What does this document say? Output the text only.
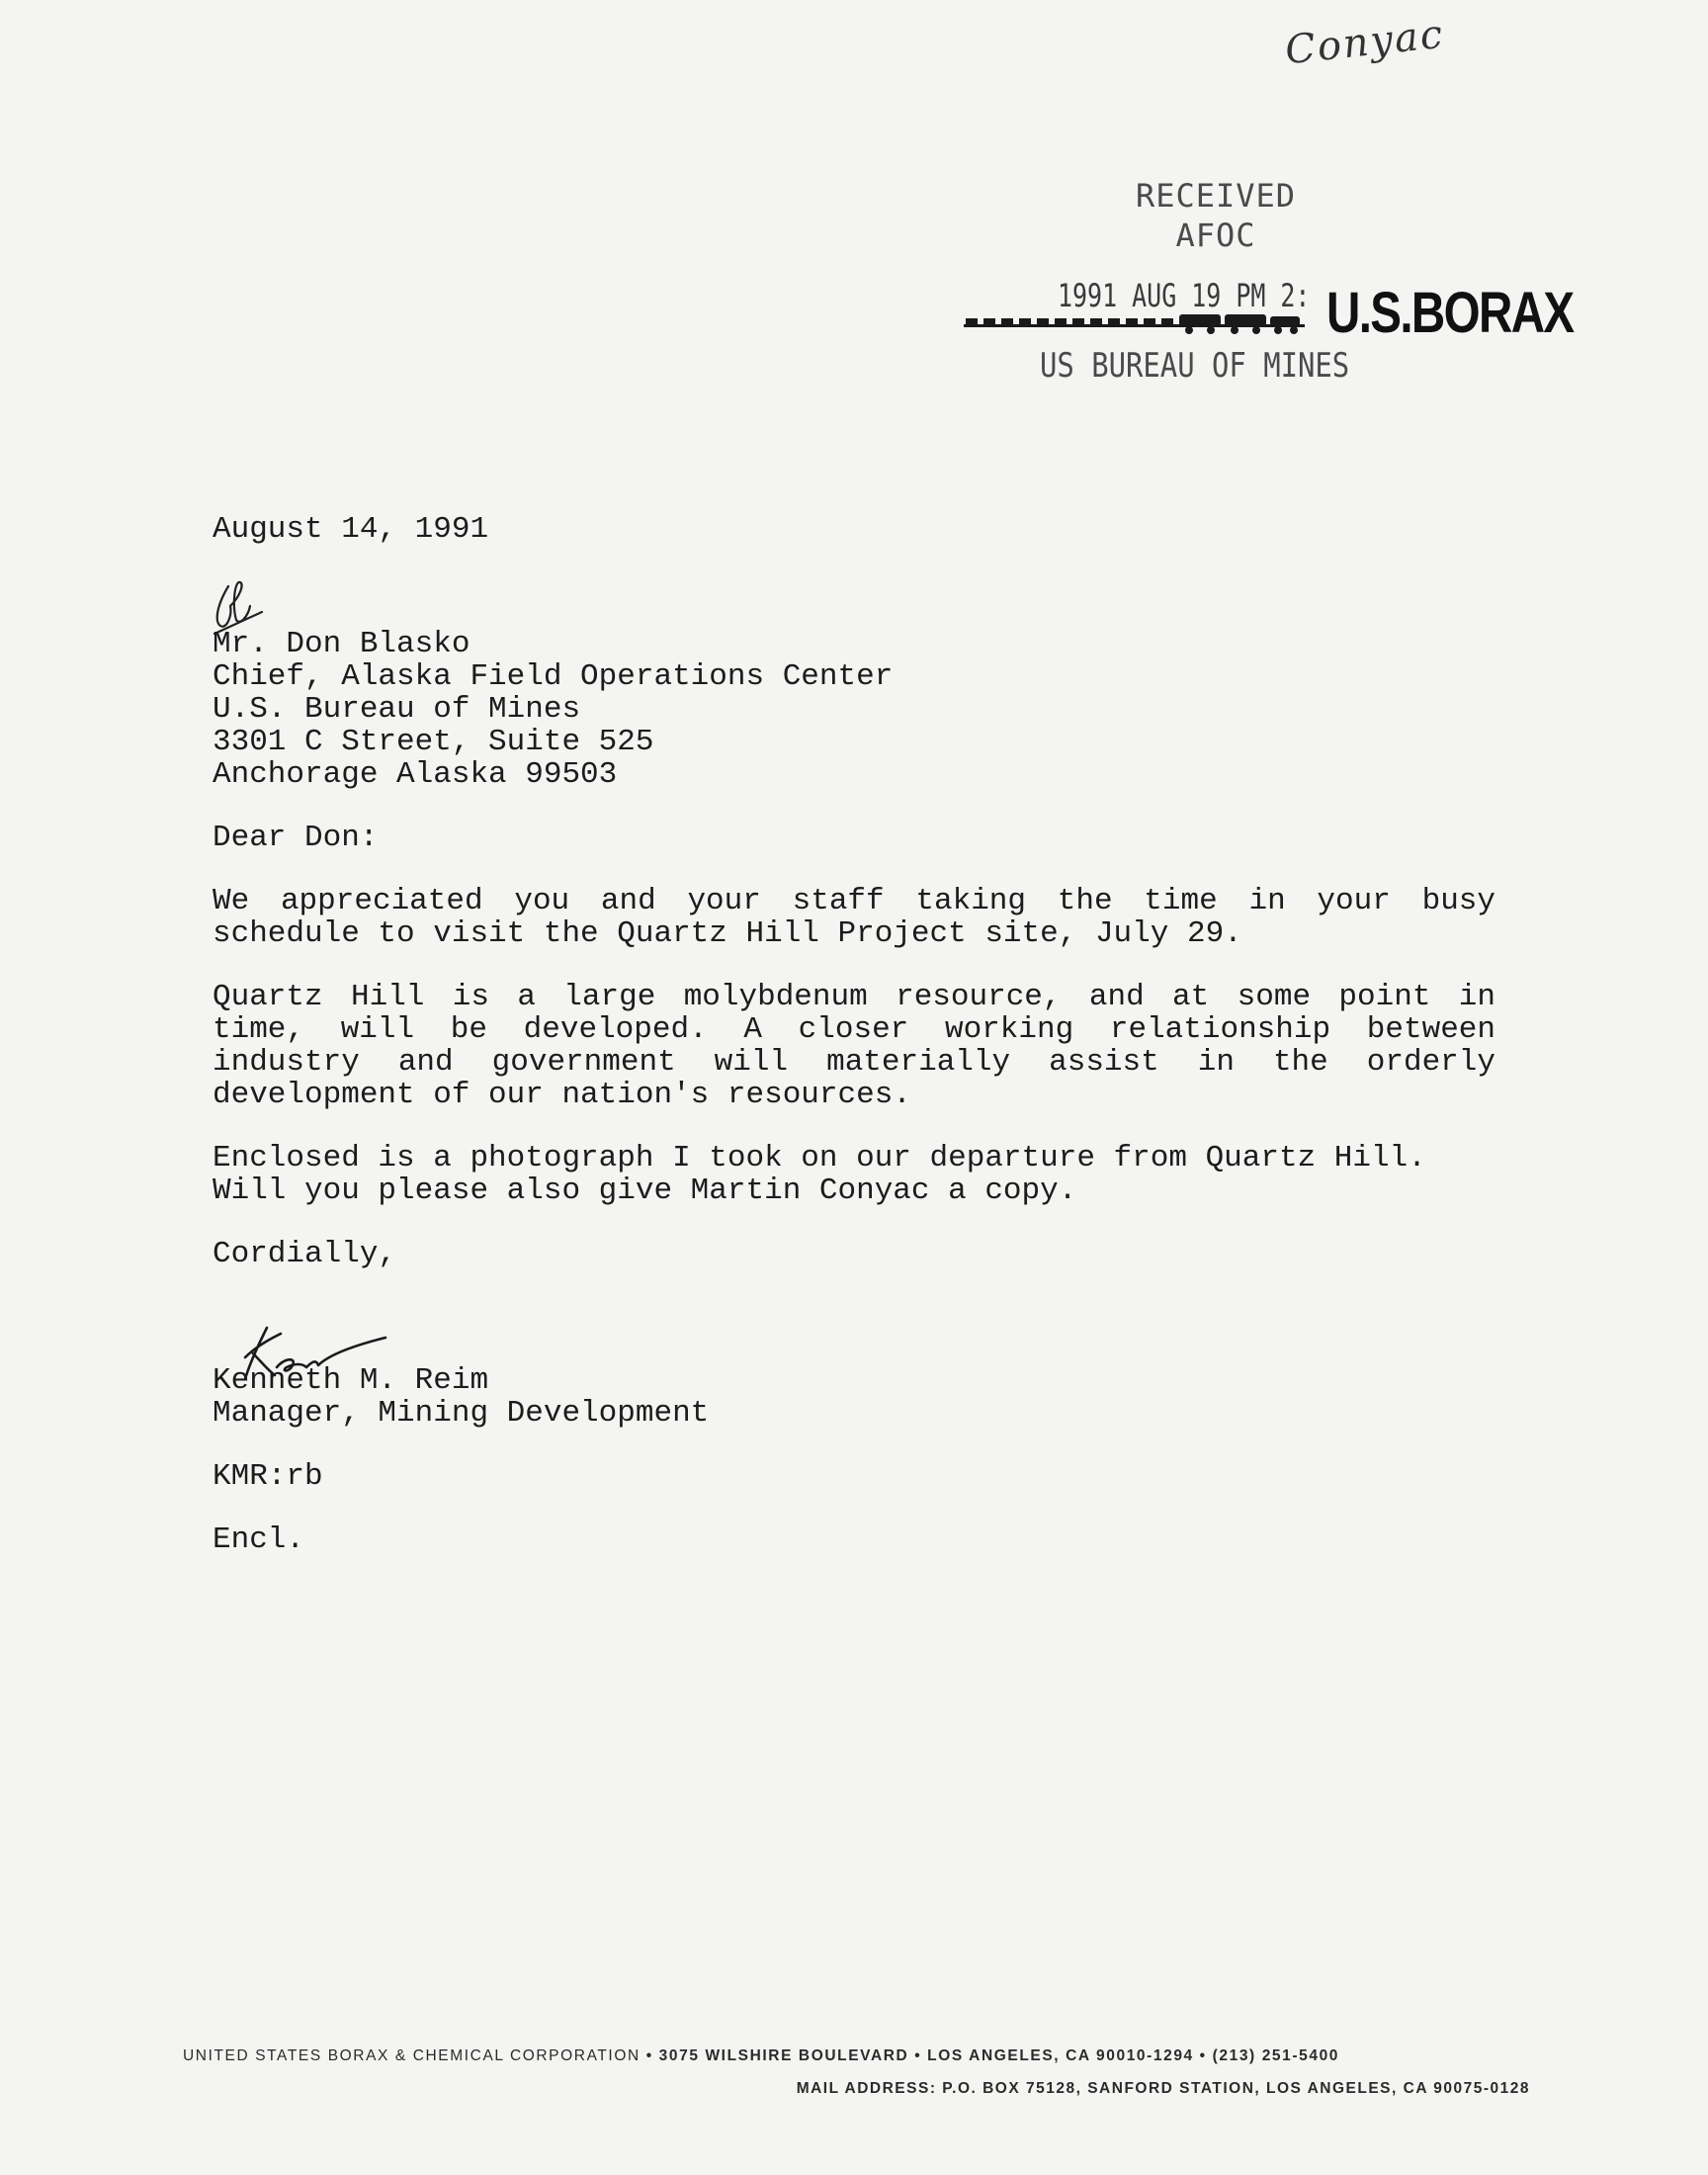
Conyac
RECEIVED
AFOC
1991 AUG 19 PM 2: U.S.BORAX
US BUREAU OF MINES
August 14, 1991
Mr. Don Blasko
Chief, Alaska Field Operations Center
U.S. Bureau of Mines
3301 C Street, Suite 525
Anchorage Alaska 99503
Dear Don:
We appreciated you and your staff taking the time in your busy
schedule to visit the Quartz Hill Project site, July 29.
Quartz Hill is a large molybdenum resource, and at some point in
time, will be developed. A closer working relationship between
industry and government will materially assist in the orderly
development of our nation's resources.
Enclosed is a photograph I took on our departure from Quartz Hill.
Will you please also give Martin Conyac a copy.
Cordially,
Kenneth M. Reim
Manager, Mining Development
KMR:rb
Encl.
UNITED STATES BORAX & CHEMICAL CORPORATION • 3075 WILSHIRE BOULEVARD • LOS ANGELES, CA 90010-1294 • (213) 251-5400
MAIL ADDRESS: P.O. BOX 75128, SANFORD STATION, LOS ANGELES, CA 90075-0128
